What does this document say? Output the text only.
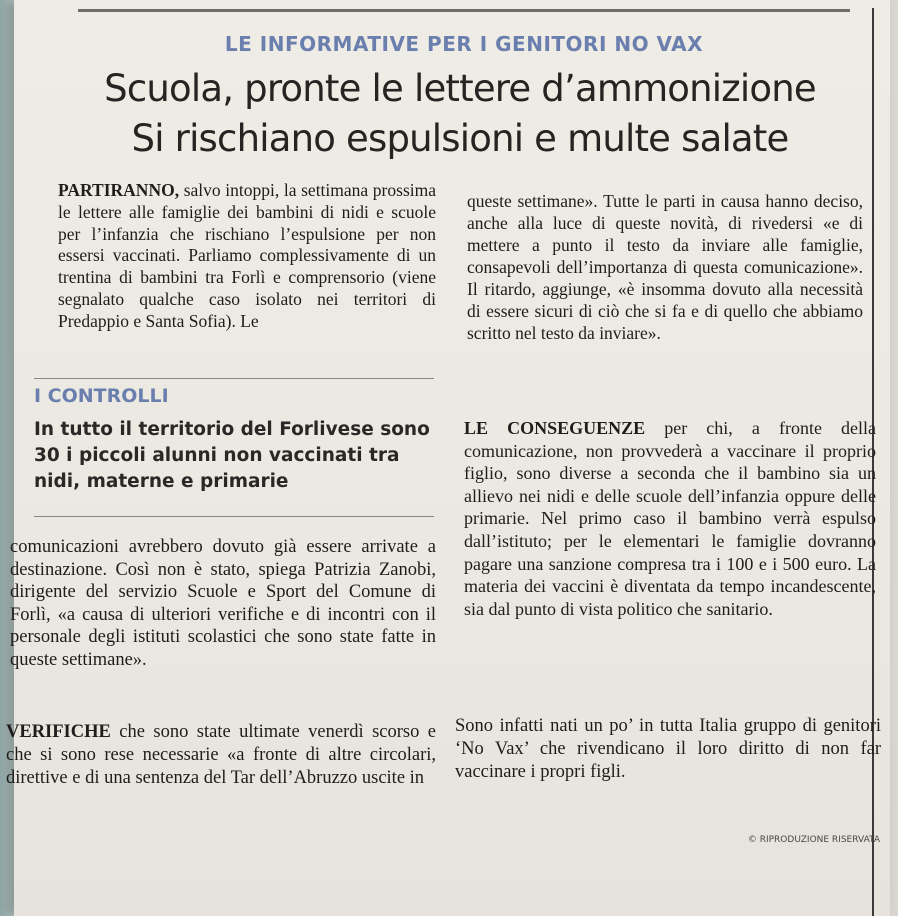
LE INFORMATIVE PER I GENITORI NO VAX
Scuola, pronte le lettere d’ammonizione
Si rischiano espulsioni e multe salate

PARTIRANNO, salvo intoppi, la settimana prossima le lettere alle famiglie dei bambini di nidi e scuole per l’infanzia che rischiano l’espulsione per non essersi vaccinati. Parliamo complessivamente di un trentina di bambini tra Forlì e comprensorio (viene segnalato qualche caso isolato nei territori di Predappio e Santa Sofia). Le

I CONTROLLI
In tutto il territorio del Forlivese sono 30 i piccoli alunni non vaccinati tra nidi, materne e primarie

comunicazioni avrebbero dovuto già essere arrivate a destinazione. Così non è stato, spiega Patrizia Zanobi, dirigente del servizio Scuole e Sport del Comune di Forlì, «a causa di ulteriori verifiche e di incontri con il personale degli istituti scolastici che sono state fatte in queste settimane».

VERIFICHE che sono state ultimate venerdì scorso e che si sono rese necessarie «a fronte di altre circolari, direttive e di una sentenza del Tar dell’Abruzzo uscite in

queste settimane». Tutte le parti in causa hanno deciso, anche alla luce di queste novità, di rivedersi «e di mettere a punto il testo da inviare alle famiglie, consapevoli dell’importanza di questa comunicazione». Il ritardo, aggiunge, «è insomma dovuto alla necessità di essere sicuri di ciò che si fa e di quello che abbiamo scritto nel testo da inviare».

LE CONSEGUENZE per chi, a fronte della comunicazione, non provvederà a vaccinare il proprio figlio, sono diverse a seconda che il bambino sia un allievo nei nidi e delle scuole dell’infanzia oppure delle primarie. Nel primo caso il bambino verrà espulso dall’istituto; per le elementari le famiglie dovranno pagare una sanzione compresa tra i 100 e i 500 euro. La materia dei vaccini è diventata da tempo incandescente, sia dal punto di vista politico che sanitario.

Sono infatti nati un po’ in tutta Italia gruppo di genitori ‘No Vax’ che rivendicano il loro diritto di non far vaccinare i propri figli.

© RIPRODUZIONE RISERVATA
